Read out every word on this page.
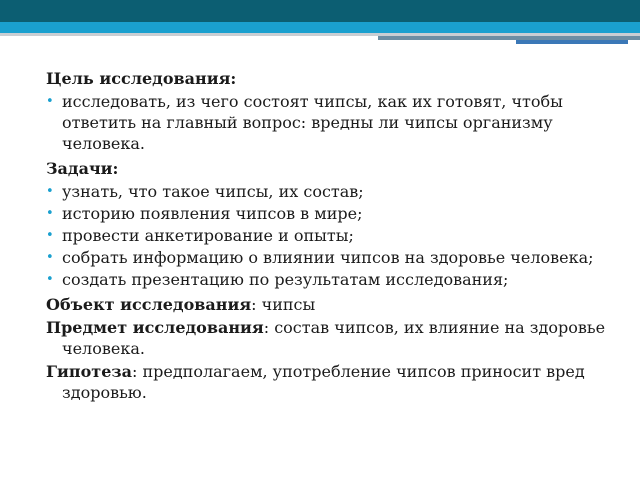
Цель исследования:
• исследовать, из чего состоят чипсы, как их готовят, чтобы ответить на главный вопрос: вредны ли чипсы организму человека.
Задачи:
• узнать, что такое чипсы, их состав;
• историю появления чипсов в мире;
• провести анкетирование и опыты;
• собрать информацию о влиянии чипсов на здоровье человека;
• создать презентацию по результатам исследования;
Объект исследования: чипсы
Предмет исследования: состав чипсов, их влияние на здоровье человека.
Гипотеза: предполагаем, употребление чипсов приносит вред здоровью.
